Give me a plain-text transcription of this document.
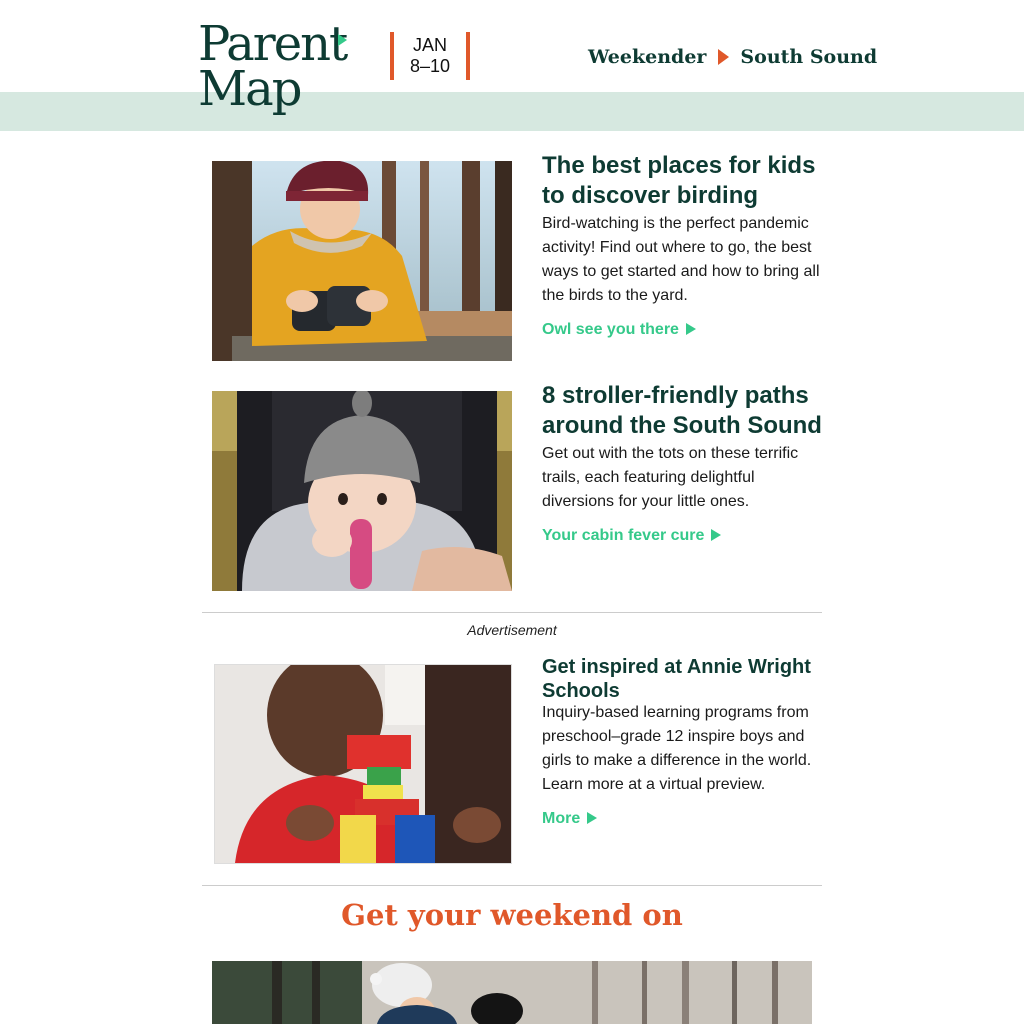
Parent
Map
JAN
8–10	Weekender South Sound
The best places for kids to discover birding

Bird-watching is the perfect pandemic activity! Find out where to go, the best ways to get started and how to bring all the birds to the yard.

Owl see you there
8 stroller-friendly paths around the South Sound

Get out with the tots on these terrific trails, each featuring delightful diversions for your little ones.

Your cabin fever cure
Advertisement
Get inspired at Annie Wright Schools

Inquiry-based learning programs from preschool–grade 12 inspire boys and girls to make a difference in the world. Learn more at a virtual preview.

More
Get your weekend on
